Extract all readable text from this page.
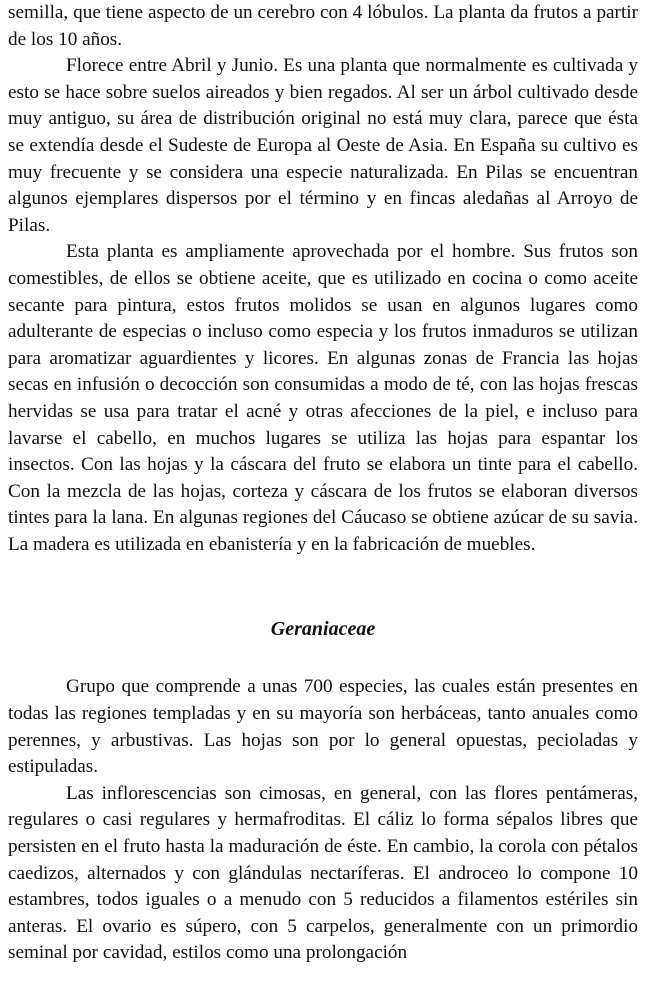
semilla, que tiene aspecto de un cerebro con 4 lóbulos. La planta da frutos a partir de los 10 años.

Florece entre Abril y Junio. Es una planta que normalmente es cultivada y esto se hace sobre suelos aireados y bien regados. Al ser un árbol cultivado desde muy antiguo, su área de distribución original no está muy clara, parece que ésta se extendía desde el Sudeste de Europa al Oeste de Asia. En España su cultivo es muy frecuente y se considera una especie naturalizada. En Pilas se encuentran algunos ejemplares dispersos por el término y en fincas aledañas al Arroyo de Pilas.

Esta planta es ampliamente aprovechada por el hombre. Sus frutos son comestibles, de ellos se obtiene aceite, que es utilizado en cocina o como aceite secante para pintura, estos frutos molidos se usan en algunos lugares como adulterante de especias o incluso como especia y los frutos inmaduros se utilizan para aromatizar aguardientes y licores. En algunas zonas de Francia las hojas secas en infusión o decocción son consumidas a modo de té, con las hojas frescas hervidas se usa para tratar el acné y otras afecciones de la piel, e incluso para lavarse el cabello, en muchos lugares se utiliza las hojas para espantar los insectos. Con las hojas y la cáscara del fruto se elabora un tinte para el cabello. Con la mezcla de las hojas, corteza y cáscara de los frutos se elaboran diversos tintes para la lana. En algunas regiones del Cáucaso se obtiene azúcar de su savia. La madera es utilizada en ebanistería y en la fabricación de muebles.

Geraniaceae

Grupo que comprende a unas 700 especies, las cuales están presentes en todas las regiones templadas y en su mayoría son herbáceas, tanto anuales como perennes, y arbustivas. Las hojas son por lo general opuestas, pecioladas y estipuladas.

Las inflorescencias son cimosas, en general, con las flores pentámeras, regulares o casi regulares y hermafroditas. El cáliz lo forma sépalos libres que persisten en el fruto hasta la maduración de éste. En cambio, la corola con pétalos caedizos, alternados y con glándulas nectaríferas. El androceo lo compone 10 estambres, todos iguales o a menudo con 5 reducidos a filamentos estériles sin anteras. El ovario es súpero, con 5 carpelos, generalmente con un primordio seminal por cavidad, estilos como una prolongación
